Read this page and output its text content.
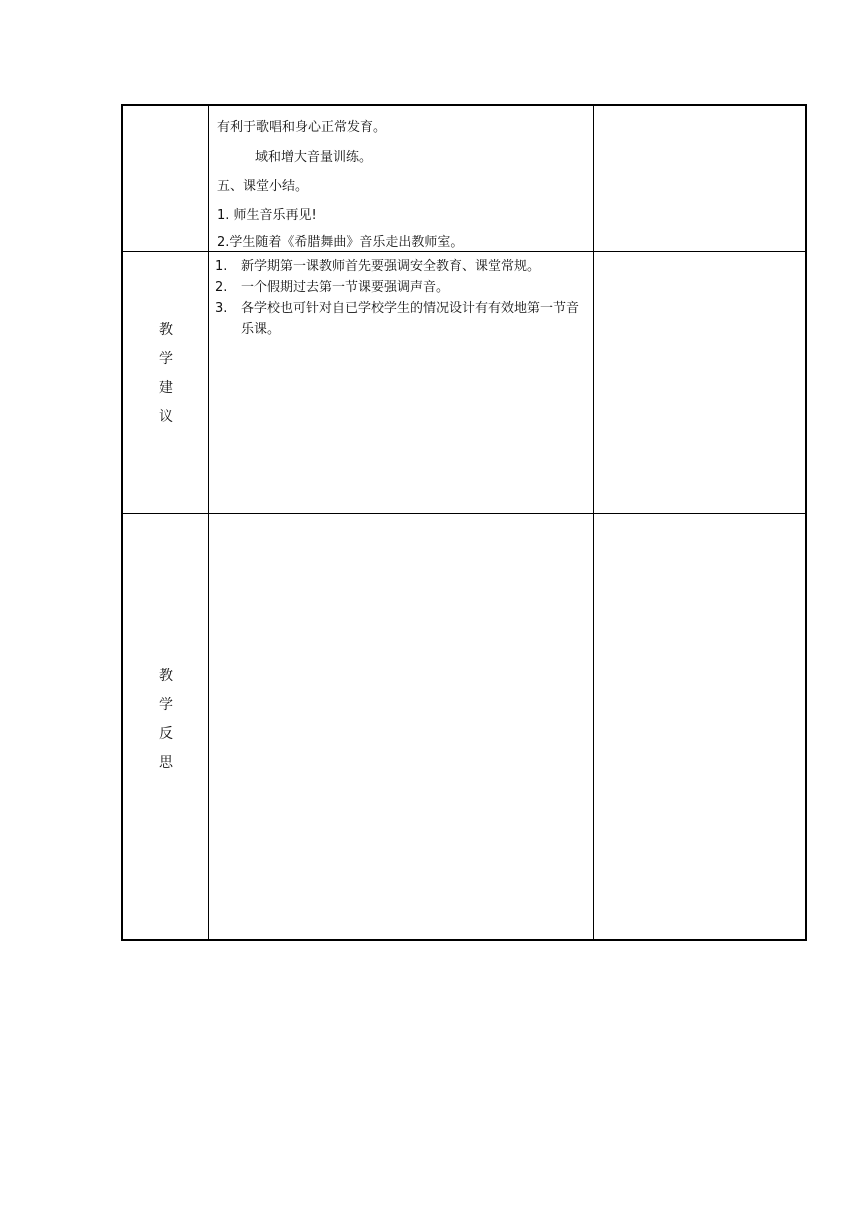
有利于歌唱和身心正常发育。
域和增大音量训练。
五、课堂小结。
1. 师生音乐再见!
2.学生随着《希腊舞曲》音乐走出教师室。
教
学
建
议
1.	新学期第一课教师首先要强调安全教育、课堂常规。
2.	一个假期过去第一节课要强调声音。
3.	各学校也可针对自已学校学生的情况设计有有效地第一节音乐课。
教
学
反
思
